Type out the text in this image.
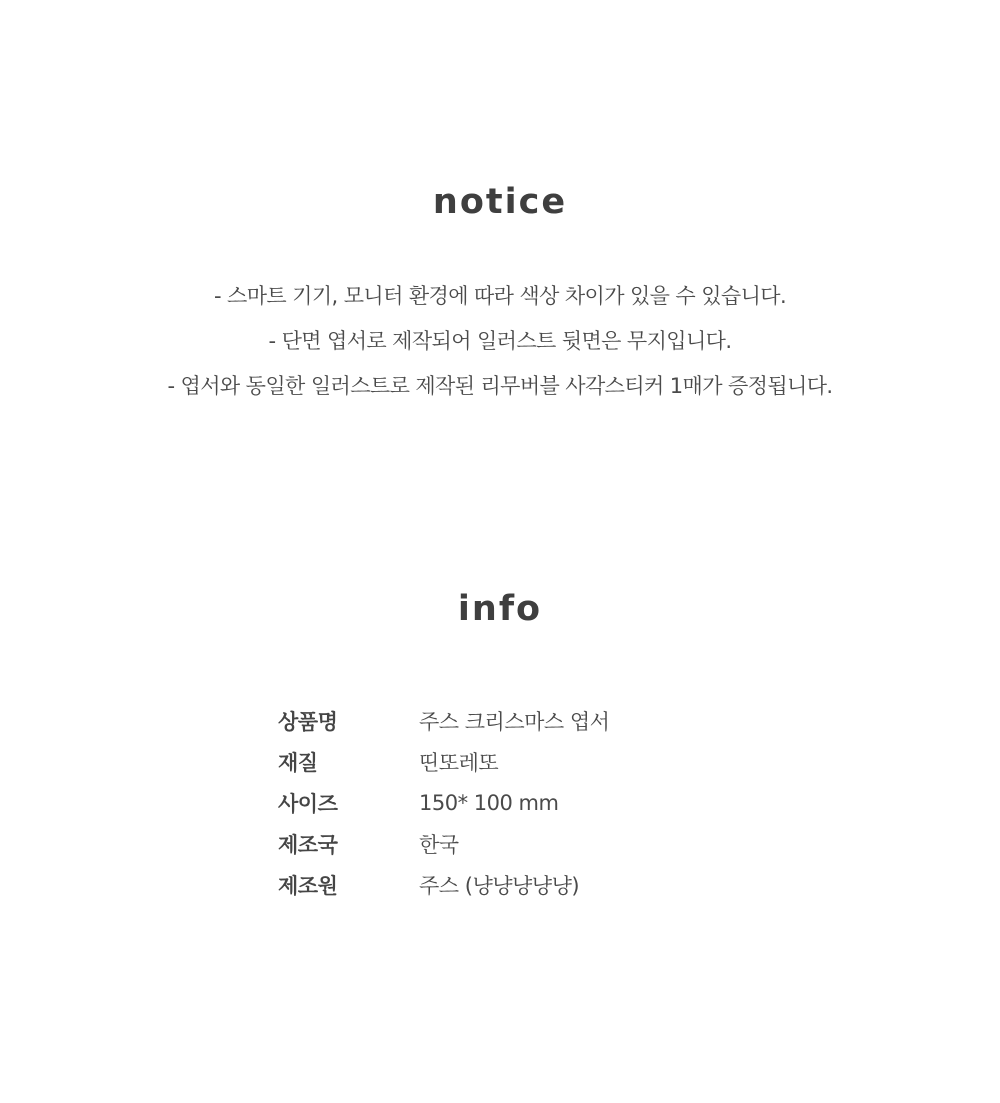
notice
- 스마트 기기, 모니터 환경에 따라 색상 차이가 있을 수 있습니다.
- 단면 엽서로 제작되어 일러스트 뒷면은 무지입니다.
- 엽서와 동일한 일러스트로 제작된 리무버블 사각스티커 1매가 증정됩니다.
info
상품명	주스 크리스마스 엽서
재질	띤또레또
사이즈	150* 100 mm
제조국	한국
제조원	주스 (냥냥냥냥냥)
